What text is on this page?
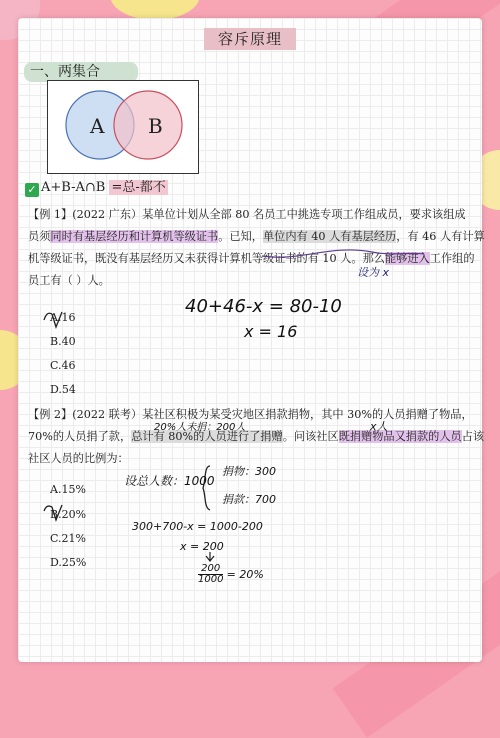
容斥原理
一、两集合
A B
✓ A+B-A∩B =总-都不

【例 1】(2022 广东）某单位计划从全部 80 名员工中挑选专项工作组成员，要求该组成

员须同时有基层经历和计算机等级证书。已知，单位内有 40 人有基层经历，有 46 人有计算

机等级证书，既没有基层经历又未获得计算机等级证书的有 10 人。那么能够进入工作组的

员工有（ ）人。

A.16
B.40
C.46
D.54

【例 2】(2022 联考）某社区积极为某受灾地区捐款捐物，其中 30%的人员捐赠了物品，

70%的人员捐了款，总计有 80%的人员进行了捐赠。问该社区既捐赠物品又捐款的人员占该

社区人员的比例为：

A.15%
B.20%
C.21%
D.25%
40+46-x = 80-10
x = 16
设为 x
20%人未捐：200人	x人
设总人数：1000
捐物：300
捐款：700
300+700-x = 1000-200
x = 200
$\frac{200}{1000} = 20\%$
